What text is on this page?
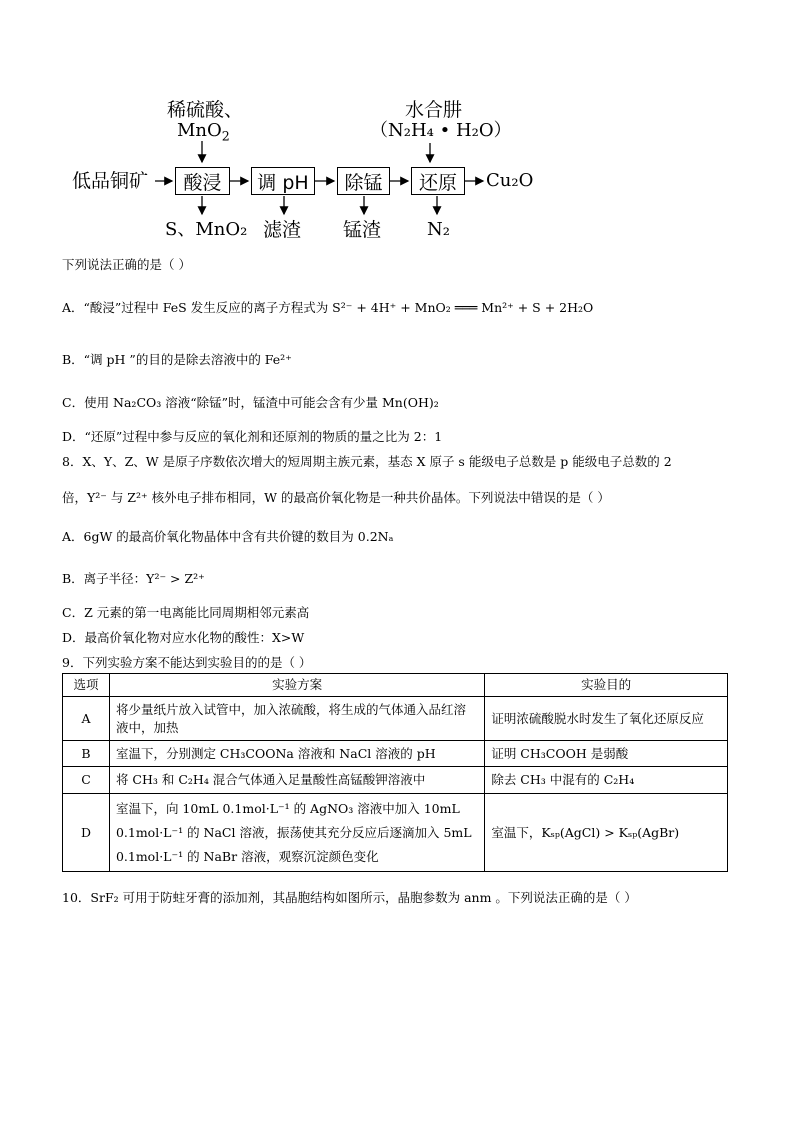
稀硫酸、
MnO$_2$
水合肼
（N₂H₄ • H₂O）
低品铜矿	酸浸	调 pH	除锰	还原	Cu₂O
S、MnO₂ 滤渣 锰渣	N₂
下列说法正确的是（ ）
A．“酸浸”过程中 FeS 发生反应的离子方程式为 S²⁻ + 4H⁺ + MnO₂ ═══ Mn²⁺ + S + 2H₂O
B．“调 pH ”的目的是除去溶液中的 Fe²⁺
C．使用 Na₂CO₃ 溶液“除锰”时，锰渣中可能会含有少量 Mn(OH)₂
D．“还原”过程中参与反应的氧化剂和还原剂的物质的量之比为 2：1
8．X、Y、Z、W 是原子序数依次增大的短周期主族元素，基态 X 原子 s 能级电子总数是 p 能级电子总数的 2
倍，Y²⁻ 与 Z²⁺ 核外电子排布相同，W 的最高价氧化物是一种共价晶体。下列说法中错误的是（ ）
A．6gW 的最高价氧化物晶体中含有共价键的数目为 0.2Nₐ
B．离子半径：Y²⁻ > Z²⁺
C．Z 元素的第一电离能比同周期相邻元素高
D．最高价氧化物对应水化物的酸性：X>W
9．下列实验方案不能达到实验目的的是（ ）
选项	实验方案	实验目的
A	将少量纸片放入试管中，加入浓硫酸，将生成的气体通入品红溶液中，加热	证明浓硫酸脱水时发生了氧化还原反应
B	室温下，分别测定 CH₃COONa 溶液和 NaCl 溶液的 pH	证明 CH₃COOH 是弱酸
C	将 CH₃ 和 C₂H₄ 混合气体通入足量酸性高锰酸钾溶液中	除去 CH₃ 中混有的 C₂H₄
D	室温下，向 10mL 0.1mol·L⁻¹ 的 AgNO₃ 溶液中加入 10mL 0.1mol·L⁻¹ 的 NaCl 溶液，振荡使其充分反应后逐滴加入 5mL 0.1mol·L⁻¹ 的 NaBr 溶液，观察沉淀颜色变化	室温下，Kₛₚ(AgCl) > Kₛₚ(AgBr)
10．SrF₂ 可用于防蛀牙膏的添加剂，其晶胞结构如图所示，晶胞参数为 anm 。下列说法正确的是（ ）
